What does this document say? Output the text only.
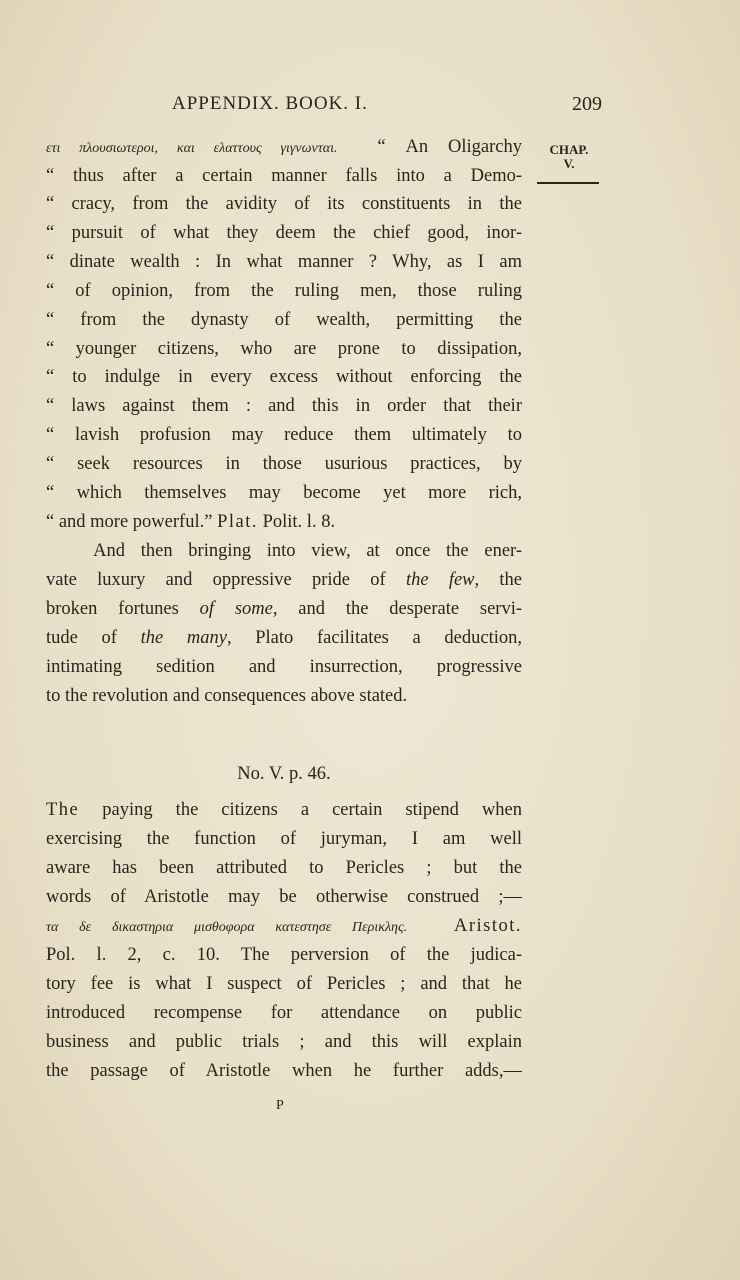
APPENDIX. BOOK. I.	209
CHAP.
V.

ετι πλουσιωτεροι, και ελαττους γιγνωνται.  “ An Oligarchy

“ thus after a certain manner falls into a Demo-

“ cracy, from the avidity of its constituents in the

“ pursuit of what they deem the chief good, inor-

“ dinate wealth : In what manner ? Why, as I am

“ of opinion, from the ruling men, those ruling

“ from the dynasty of wealth, permitting the

“ younger citizens, who are prone to dissipation,

“ to indulge in every excess without enforcing the

“ laws against them : and this in order that their

“ lavish profusion may reduce them ultimately to

“ seek resources in those usurious practices, by

“ which themselves may become yet more rich,

“ and more powerful.” Plat. Polit. l. 8.

And then bringing into view, at once the ener-

vate luxury and oppressive pride of the few, the

broken fortunes of some, and the desperate servi-

tude of the many, Plato facilitates a deduction,

intimating sedition and insurrection, progressive

to the revolution and consequences above stated.

The paying the citizens a certain stipend when

exercising the function of juryman, I am well

aware has been attributed to Pericles ; but the

words of Aristotle may be otherwise construed ;—

τα δε δικαστηρια μισθοφορα κατεστησε Περικλης.  Aristot.

Pol. l. 2, c. 10. The perversion of the judica-

tory fee is what I suspect of Pericles ; and that he

introduced recompense for attendance on public

business and public trials ; and this will explain

the passage of Aristotle when he further adds,—

No. V. p. 46.
P
